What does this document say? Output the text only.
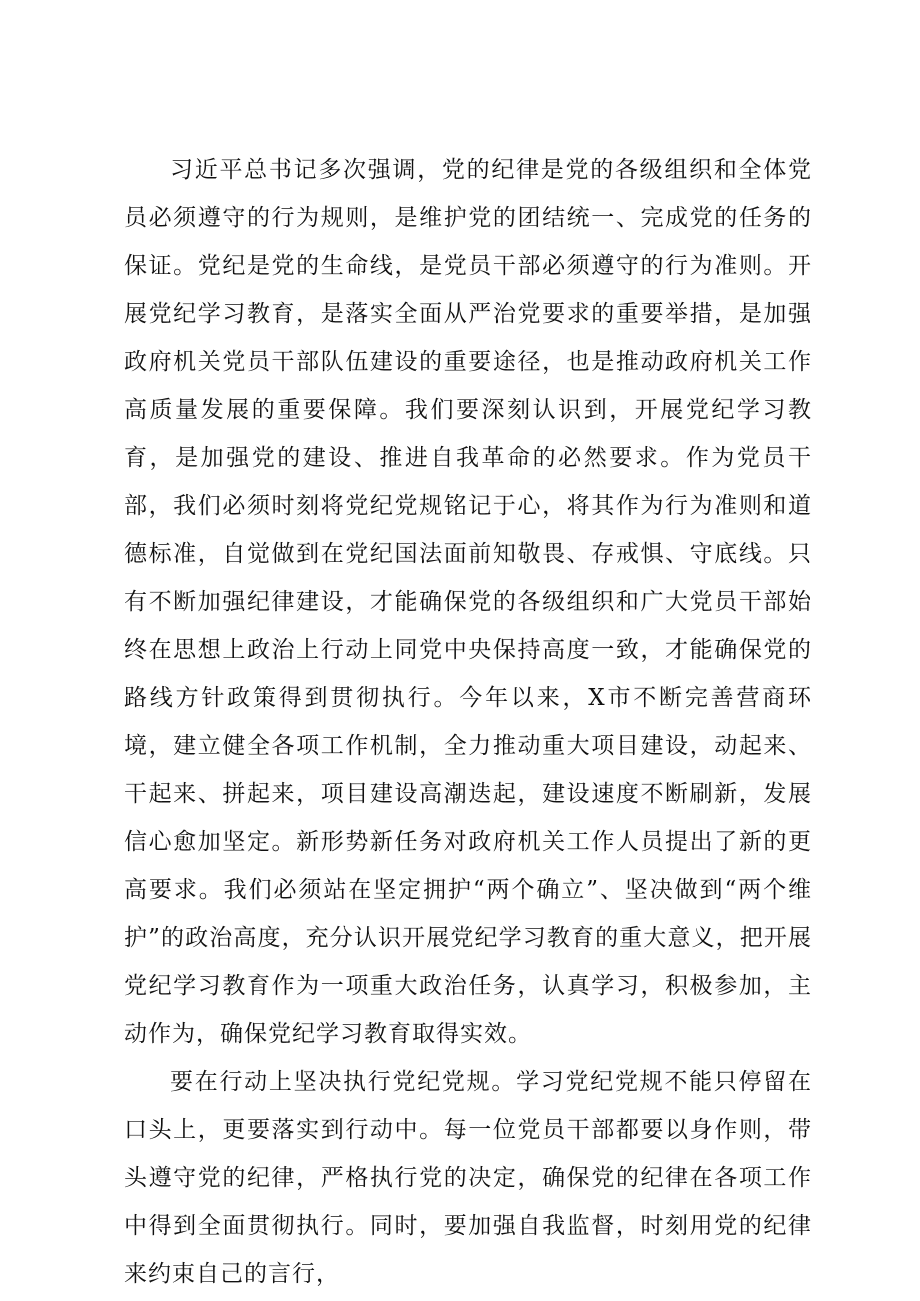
习近平总书记多次强调，党的纪律是党的各级组织和全体党员必须遵守的行为规则，是维护党的团结统一、完成党的任务的保证。党纪是党的生命线，是党员干部必须遵守的行为准则。开展党纪学习教育，是落实全面从严治党要求的重要举措，是加强政府机关党员干部队伍建设的重要途径，也是推动政府机关工作高质量发展的重要保障。我们要深刻认识到，开展党纪学习教育，是加强党的建设、推进自我革命的必然要求。作为党员干部，我们必须时刻将党纪党规铭记于心，将其作为行为准则和道德标准，自觉做到在党纪国法面前知敬畏、存戒惧、守底线。只有不断加强纪律建设，才能确保党的各级组织和广大党员干部始终在思想上政治上行动上同党中央保持高度一致，才能确保党的路线方针政策得到贯彻执行。今年以来，X市不断完善营商环境，建立健全各项工作机制，全力推动重大项目建设，动起来、干起来、拼起来，项目建设高潮迭起，建设速度不断刷新，发展信心愈加坚定。新形势新任务对政府机关工作人员提出了新的更高要求。我们必须站在坚定拥护“两个确立”、坚决做到“两个维护”的政治高度，充分认识开展党纪学习教育的重大意义，把开展党纪学习教育作为一项重大政治任务，认真学习，积极参加，主动作为，确保党纪学习教育取得实效。

要在行动上坚决执行党纪党规。学习党纪党规不能只停留在口头上，更要落实到行动中。每一位党员干部都要以身作则，带头遵守党的纪律，严格执行党的决定，确保党的纪律在各项工作中得到全面贯彻执行。同时，要加强自我监督，时刻用党的纪律来约束自己的言行，
